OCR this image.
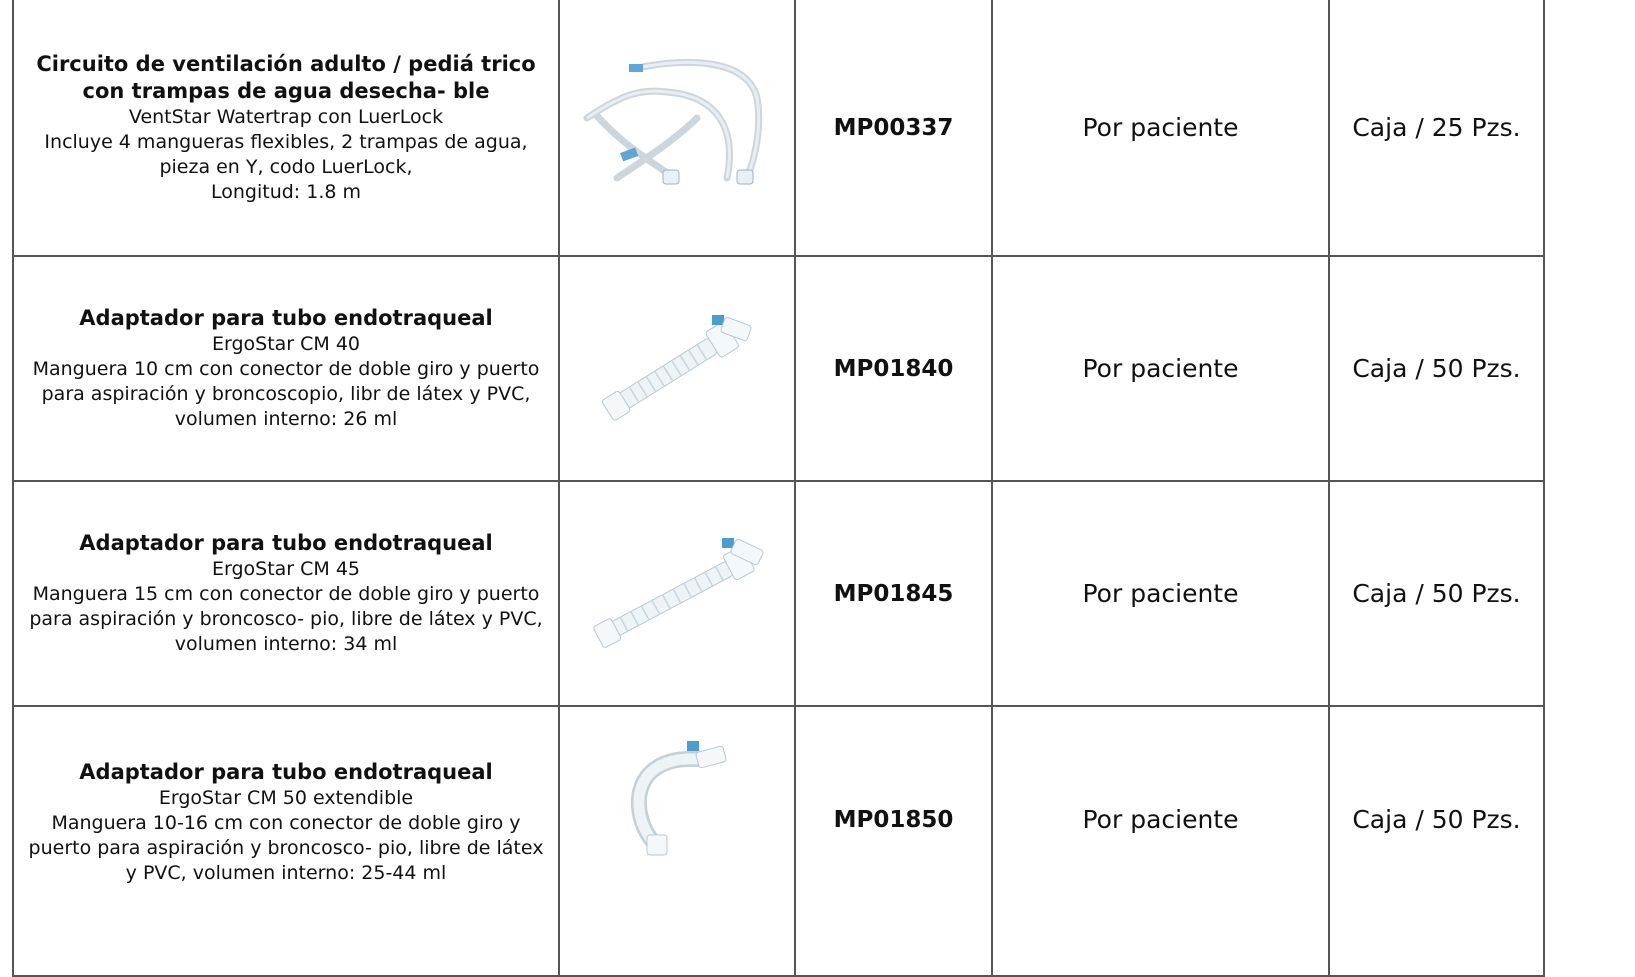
Circuito de ventilación adulto / pediá trico con trampas de agua desecha- ble
VentStar Watertrap con LuerLock
Incluye 4 mangueras flexibles, 2 trampas de agua, pieza en Y, codo LuerLock,
Longitud: 1.8 m		MP00337	Por paciente	Caja / 25 Pzs.

Adaptador para tubo endotraqueal
ErgoStar CM 40
Manguera 10 cm con conector de doble giro y puerto para aspiración y broncoscopio, libr de látex y PVC,
volumen interno: 26 ml		MP01840	Por paciente	Caja / 50 Pzs.

Adaptador para tubo endotraqueal
ErgoStar CM 45
Manguera 15 cm con conector de doble giro y puerto para aspiración y broncosco- pio, libre de látex y PVC,
volumen interno: 34 ml		MP01845	Por paciente	Caja / 50 Pzs.

Adaptador para tubo endotraqueal
ErgoStar CM 50 extendible
Manguera 10-16 cm con conector de doble giro y puerto para aspiración y broncosco- pio, libre de látex y PVC, volumen interno: 25-44 ml		MP01850	Por paciente	Caja / 50 Pzs.
